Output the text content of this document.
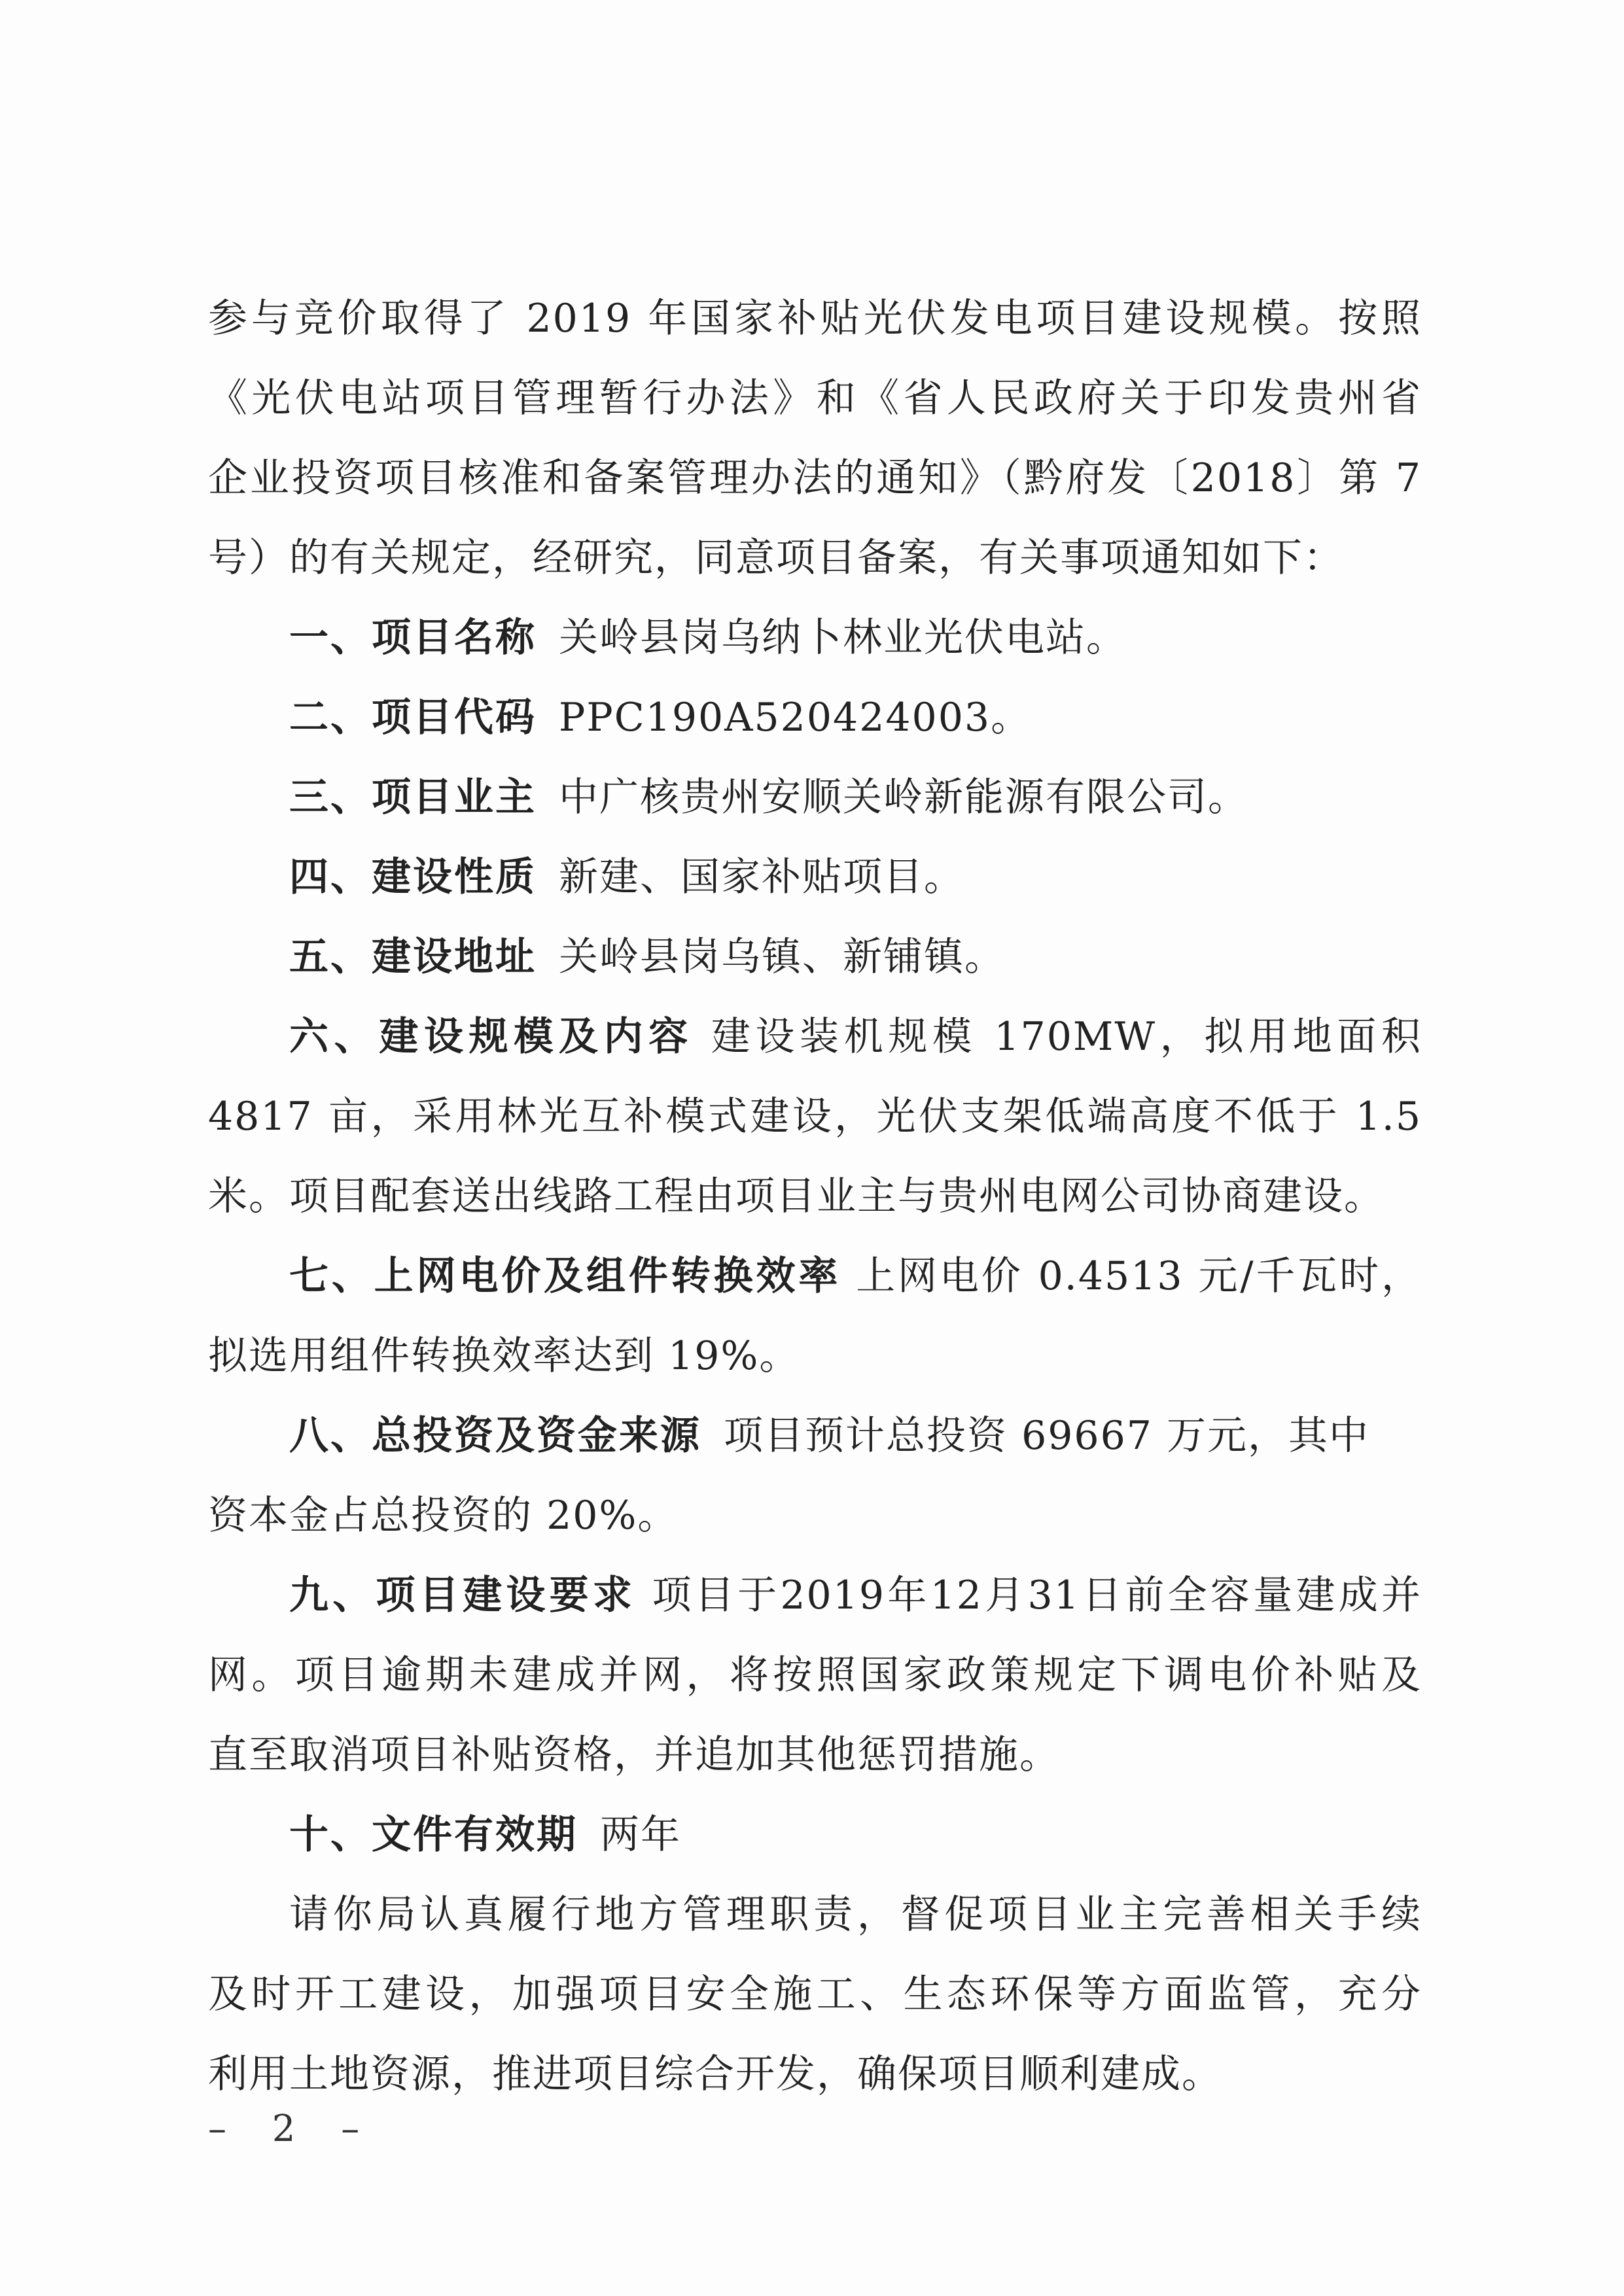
参与竞价取得了 2019 年国家补贴光伏发电项目建设规模。按照
《光伏电站项目管理暂行办法》和《省人民政府关于印发贵州省
企业投资项目核准和备案管理办法的通知》（黔府发〔2018〕第 7
号）的有关规定，经研究，同意项目备案，有关事项通知如下：
一、项目名称 关岭县岗乌纳卜林业光伏电站。
二、项目代码 PPC190A520424003。
三、项目业主 中广核贵州安顺关岭新能源有限公司。
四、建设性质 新建、国家补贴项目。
五、建设地址 关岭县岗乌镇、新铺镇。
六、建设规模及内容 建设装机规模 170MW，拟用地面积
4817 亩，采用林光互补模式建设，光伏支架低端高度不低于 1.5
米。项目配套送出线路工程由项目业主与贵州电网公司协商建设。
七、上网电价及组件转换效率 上网电价 0.4513 元/千瓦时，
拟选用组件转换效率达到 19%。
八、总投资及资金来源 项目预计总投资 69667 万元，其中
资本金占总投资的 20%。
九、项目建设要求 项目于2019年12月31日前全容量建成并
网。项目逾期未建成并网，将按照国家政策规定下调电价补贴及
直至取消项目补贴资格，并追加其他惩罚措施。
十、文件有效期 两年
请你局认真履行地方管理职责，督促项目业主完善相关手续
及时开工建设，加强项目安全施工、生态环保等方面监管，充分
利用土地资源，推进项目综合开发，确保项目顺利建成。
– 2 –
